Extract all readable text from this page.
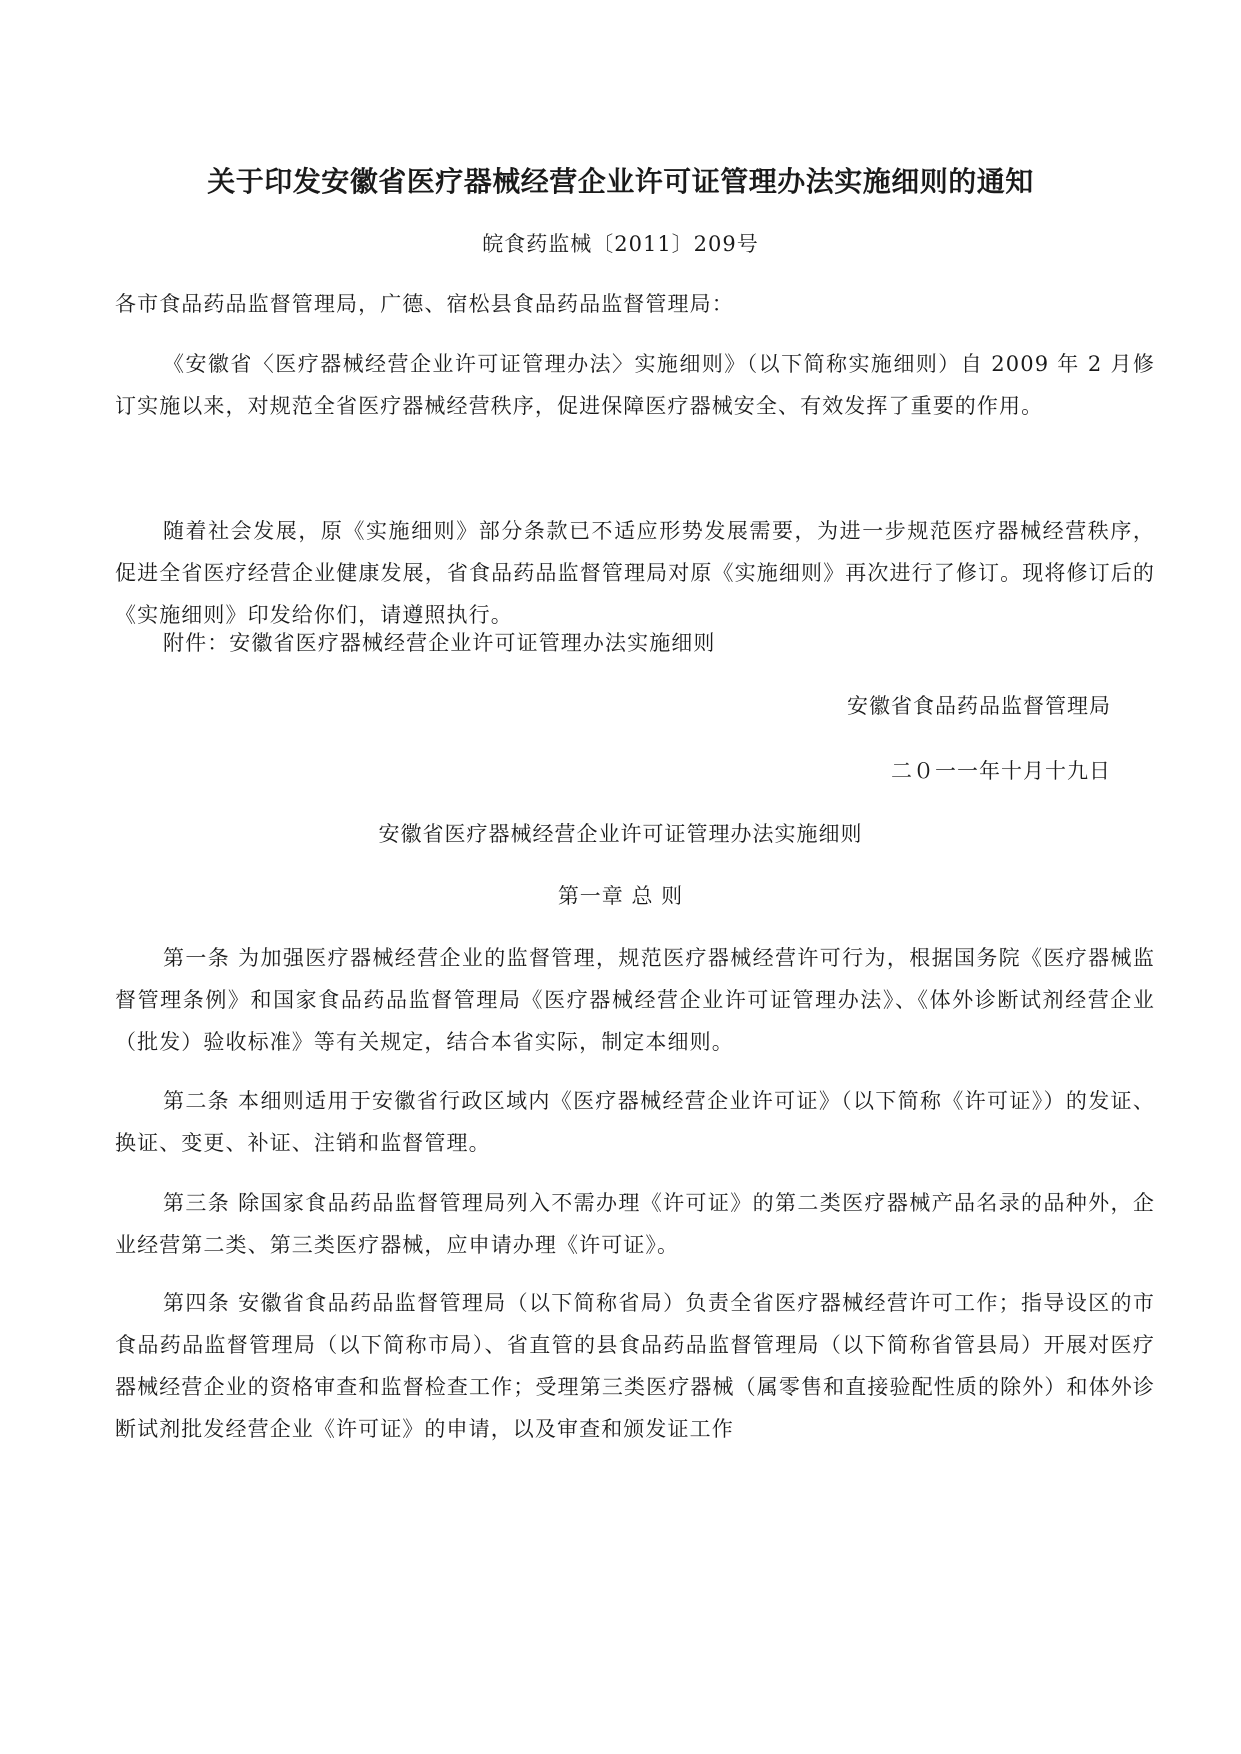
关于印发安徽省医疗器械经营企业许可证管理办法实施细则的通知
皖食药监械〔2011〕209号
各市食品药品监督管理局，广德、宿松县食品药品监督管理局：
《安徽省〈医疗器械经营企业许可证管理办法〉实施细则》（以下简称实施细则）自 2009 年 2 月修订实施以来，对规范全省医疗器械经营秩序，促进保障医疗器械安全、有效发挥了重要的作用。
随着社会发展，原《实施细则》部分条款已不适应形势发展需要，为进一步规范医疗器械经营秩序，促进全省医疗经营企业健康发展，省食品药品监督管理局对原《实施细则》再次进行了修订。现将修订后的《实施细则》印发给你们，请遵照执行。
附件：安徽省医疗器械经营企业许可证管理办法实施细则
安徽省食品药品监督管理局
二０一一年十月十九日
安徽省医疗器械经营企业许可证管理办法实施细则
第一章 总 则
第一条 为加强医疗器械经营企业的监督管理，规范医疗器械经营许可行为，根据国务院《医疗器械监督管理条例》和国家食品药品监督管理局《医疗器械经营企业许可证管理办法》、《体外诊断试剂经营企业（批发）验收标准》等有关规定，结合本省实际，制定本细则。
第二条 本细则适用于安徽省行政区域内《医疗器械经营企业许可证》（以下简称《许可证》）的发证、换证、变更、补证、注销和监督管理。
第三条 除国家食品药品监督管理局列入不需办理《许可证》的第二类医疗器械产品名录的品种外，企业经营第二类、第三类医疗器械，应申请办理《许可证》。
第四条 安徽省食品药品监督管理局（以下简称省局）负责全省医疗器械经营许可工作；指导设区的市食品药品监督管理局（以下简称市局）、省直管的县食品药品监督管理局（以下简称省管县局）开展对医疗器械经营企业的资格审查和监督检查工作；受理第三类医疗器械（属零售和直接验配性质的除外）和体外诊断试剂批发经营企业《许可证》的申请，以及审查和颁发证工作
